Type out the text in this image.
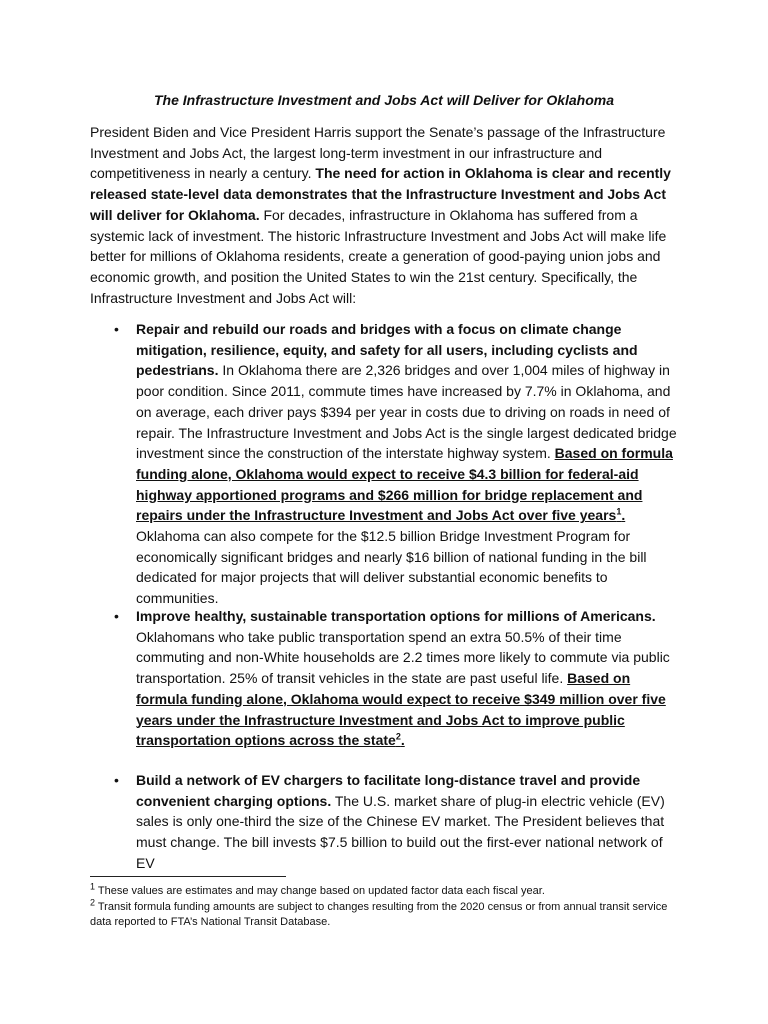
The Infrastructure Investment and Jobs Act will Deliver for Oklahoma

President Biden and Vice President Harris support the Senate’s passage of the Infrastructure Investment and Jobs Act, the largest long-term investment in our infrastructure and competitiveness in nearly a century. The need for action in Oklahoma is clear and recently released state-level data demonstrates that the Infrastructure Investment and Jobs Act will deliver for Oklahoma. For decades, infrastructure in Oklahoma has suffered from a systemic lack of investment. The historic Infrastructure Investment and Jobs Act will make life better for millions of Oklahoma residents, create a generation of good-paying union jobs and economic growth, and position the United States to win the 21st century. Specifically, the Infrastructure Investment and Jobs Act will:

• Repair and rebuild our roads and bridges with a focus on climate change mitigation, resilience, equity, and safety for all users, including cyclists and pedestrians. In Oklahoma there are 2,326 bridges and over 1,004 miles of highway in poor condition. Since 2011, commute times have increased by 7.7% in Oklahoma, and on average, each driver pays $394 per year in costs due to driving on roads in need of repair. The Infrastructure Investment and Jobs Act is the single largest dedicated bridge investment since the construction of the interstate highway system. Based on formula funding alone, Oklahoma would expect to receive $4.3 billion for federal-aid highway apportioned programs and $266 million for bridge replacement and repairs under the Infrastructure Investment and Jobs Act over five years$^1$. Oklahoma can also compete for the $12.5 billion Bridge Investment Program for economically significant bridges and nearly $16 billion of national funding in the bill dedicated for major projects that will deliver substantial economic benefits to communities.

• Improve healthy, sustainable transportation options for millions of Americans. Oklahomans who take public transportation spend an extra 50.5% of their time commuting and non-White households are 2.2 times more likely to commute via public transportation. 25% of transit vehicles in the state are past useful life. Based on formula funding alone, Oklahoma would expect to receive $349 million over five years under the Infrastructure Investment and Jobs Act to improve public transportation options across the state$^2$.

• Build a network of EV chargers to facilitate long-distance travel and provide convenient charging options. The U.S. market share of plug-in electric vehicle (EV) sales is only one-third the size of the Chinese EV market. The President believes that must change. The bill invests $7.5 billion to build out the first-ever national network of EV

$^1$ These values are estimates and may change based on updated factor data each fiscal year.

$^2$ Transit formula funding amounts are subject to changes resulting from the 2020 census or from annual transit service data reported to FTA’s National Transit Database.
